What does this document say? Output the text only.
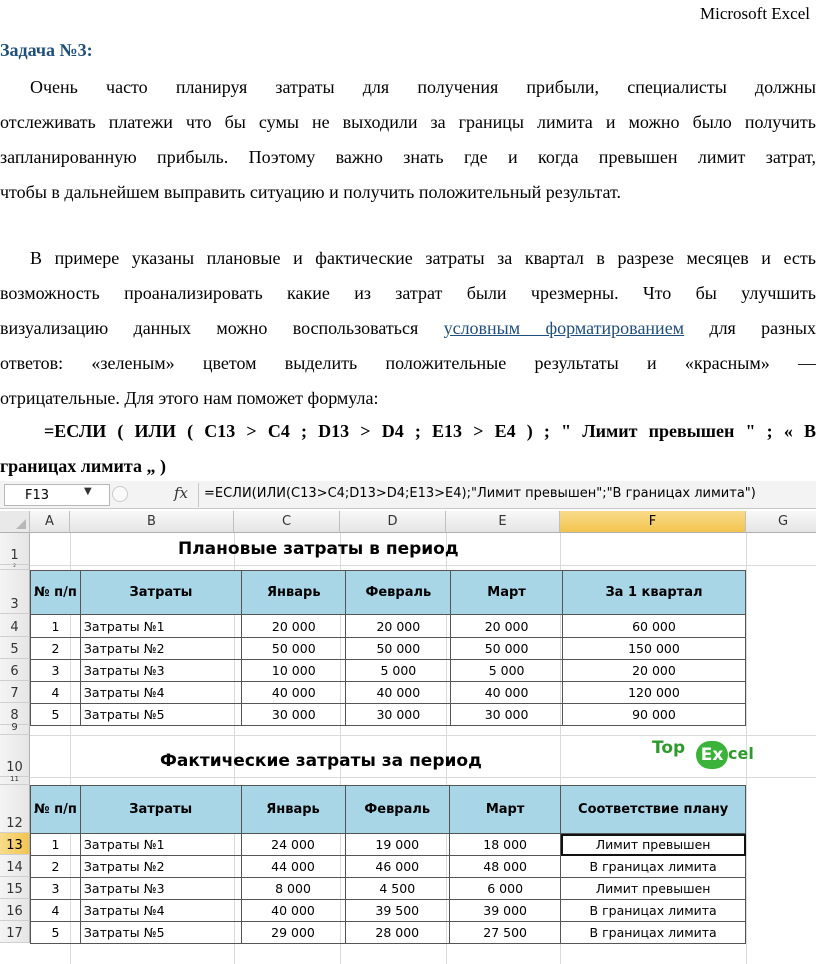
Microsoft Excel
Задача №3:
Очень часто планируя затраты для получения прибыли, специалисты должны
отслеживать платежи что бы сумы не выходили за границы лимита и можно было получить
запланированную прибыль. Поэтому важно знать где и когда превышен лимит затрат,
чтобы в дальнейшем выправить ситуацию и получить положительный результат.
В примере указаны плановые и фактические затраты за квартал в разрезе месяцев и есть
возможность проанализировать какие из затрат были чрезмерны. Что бы улучшить
визуализацию данных можно воспользоваться условным форматированием для разных
ответов: «зеленым» цветом выделить положительные результаты и «красным» —
отрицательные. Для этого нам поможет формула:
=ЕСЛИ ( ИЛИ ( C13 > C4 ; D13 > D4 ; E13 > E4 ) ; " Лимит превышен " ; « В
границах лимита „ )
F13	▼	fx =ЕСЛИ(ИЛИ(C13>C4;D13>D4;E13>E4);"Лимит превышен";"В границах лимита")
A	B	C	D	E	F	G
1
2
3
4
5
6
7
8
9
10
11
12
13
14
15
16
17
Плановые затраты в период
№ п/п	Затраты	Январь	Февраль	Март	За 1 квартал
1	Затраты №1	20 000	20 000	20 000	60 000
2	Затраты №2	50 000	50 000	50 000	150 000
3	Затраты №3	10 000	5 000	5 000	20 000
4	Затраты №4	40 000	40 000	40 000	120 000
5	Затраты №5	30 000	30 000	30 000	90 000
Фактические затраты за период
Top Ex cel
№ п/п	Затраты	Январь	Февраль	Март	Соответствие плану
1	Затраты №1	24 000	19 000	18 000	Лимит превышен
2	Затраты №2	44 000	46 000	48 000	В границах лимита
3	Затраты №3	8 000	4 500	6 000	Лимит превышен
4	Затраты №4	40 000	39 500	39 000	В границах лимита
5	Затраты №5	29 000	28 000	27 500	В границах лимита
